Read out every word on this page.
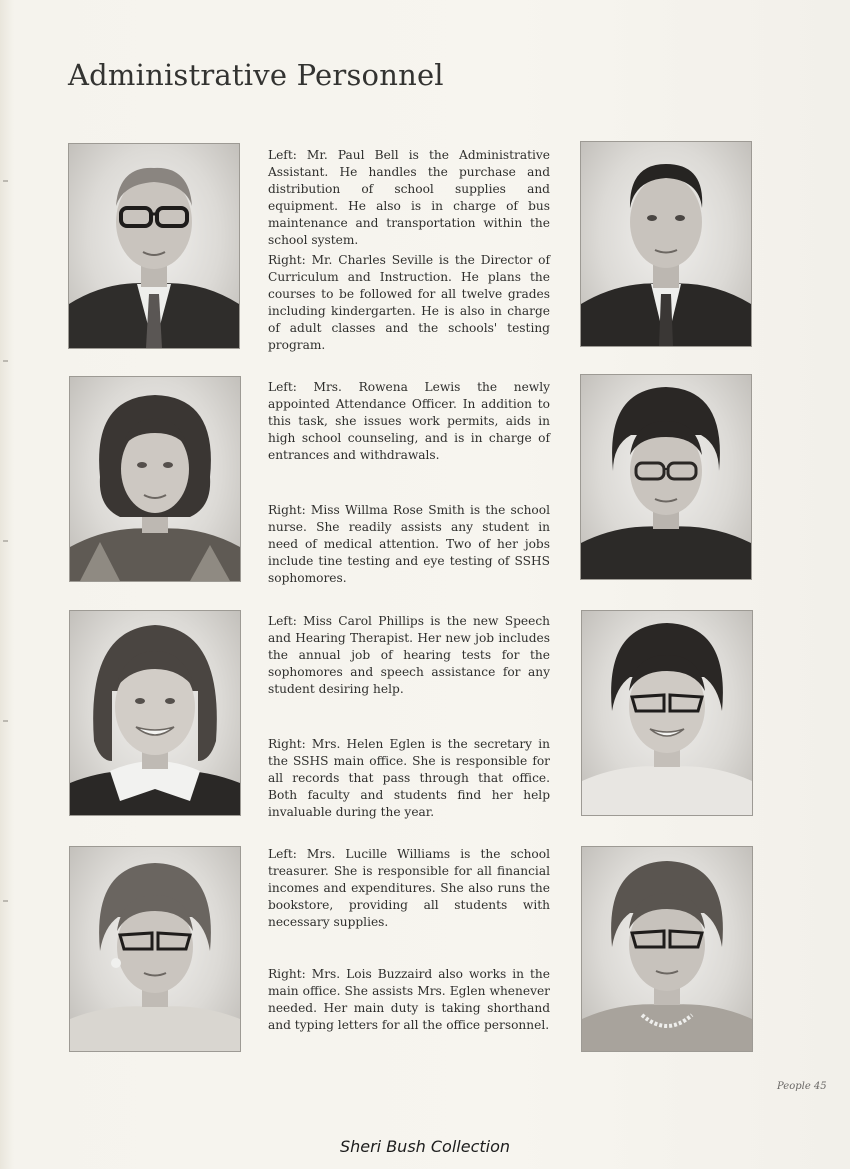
Administrative Personnel

Left: Mr. Paul Bell is the Administrative Assistant. He handles the purchase and distribution of school supplies and equipment. He also is in charge of bus maintenance and transportation within the school system.

Right: Mr. Charles Seville is the Director of Curriculum and Instruction. He plans the courses to be followed for all twelve grades including kindergarten. He is also in charge of adult classes and the schools' testing program.

Left: Mrs. Rowena Lewis the newly appointed Attendance Officer. In addition to this task, she issues work permits, aids in high school counseling, and is in charge of entrances and withdrawals.

Right: Miss Willma Rose Smith is the school nurse. She readily assists any student in need of medical attention. Two of her jobs include tine testing and eye testing of SSHS sophomores.

Left: Miss Carol Phillips is the new Speech and Hearing Therapist. Her new job includes the annual job of hearing tests for the sophomores and speech assistance for any student desiring help.

Right: Mrs. Helen Eglen is the secretary in the SSHS main office. She is responsible for all records that pass through that office. Both faculty and students find her help invaluable during the year.

Left: Mrs. Lucille Williams is the school treasurer. She is responsible for all financial incomes and expenditures. She also runs the bookstore, providing all students with necessary supplies.

Right: Mrs. Lois Buzzaird also works in the main office. She assists Mrs. Eglen whenever needed. Her main duty is taking shorthand and typing letters for all the office personnel.

People 45
Sheri Bush Collection
